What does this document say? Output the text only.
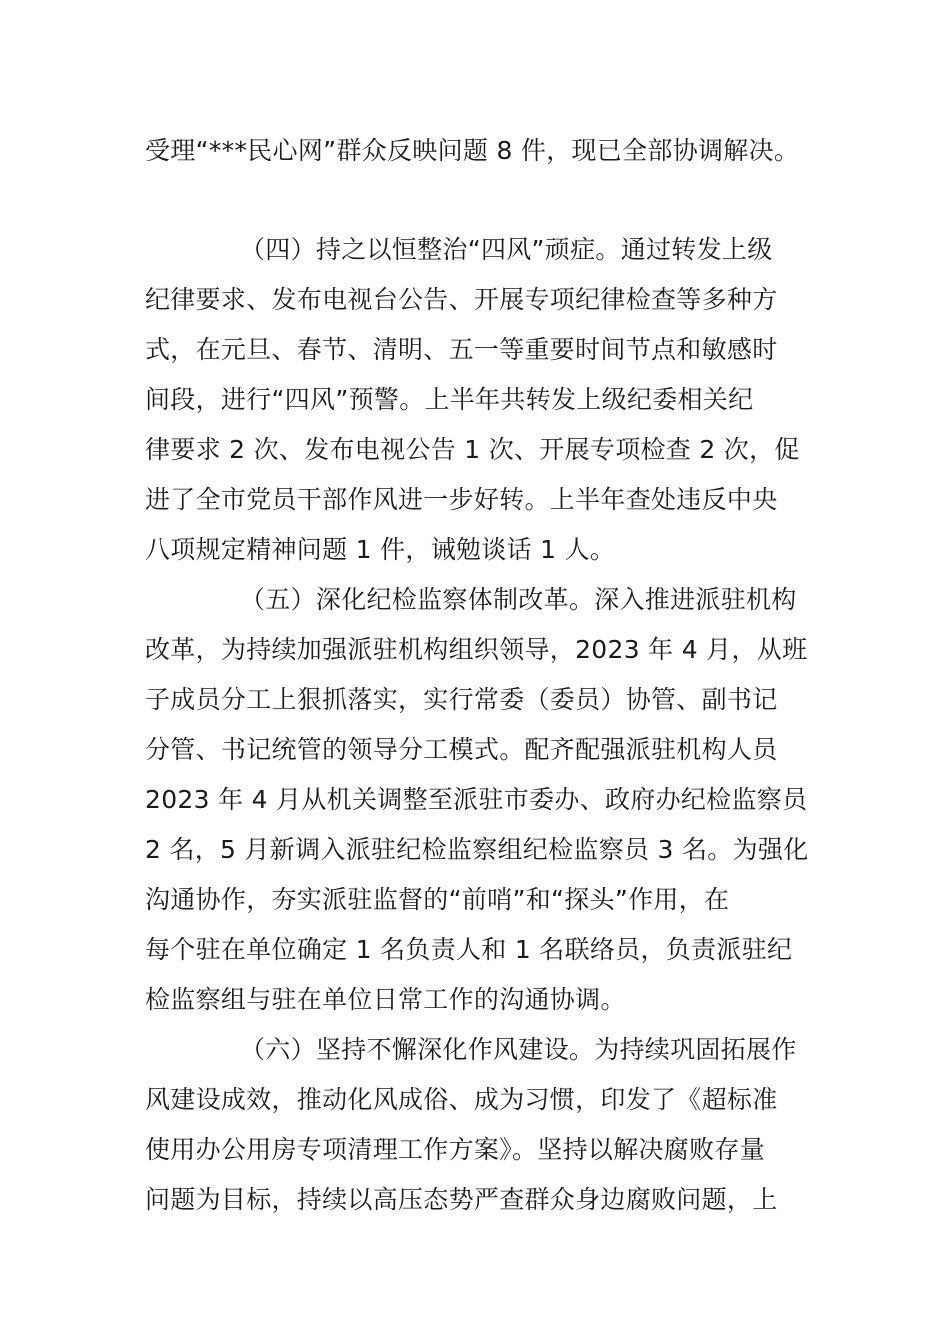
受理“***民心网”群众反映问题 8 件，现已全部协调解决。
（四）持之以恒整治“四风”顽症。通过转发上级
纪律要求、发布电视台公告、开展专项纪律检查等多种方
式，在元旦、春节、清明、五一等重要时间节点和敏感时
间段，进行“四风”预警。上半年共转发上级纪委相关纪
律要求 2 次、发布电视公告 1 次、开展专项检查 2 次，促
进了全市党员干部作风进一步好转。上半年查处违反中央
八项规定精神问题 1 件，诫勉谈话 1 人。
（五）深化纪检监察体制改革。深入推进派驻机构
改革，为持续加强派驻机构组织领导，2023 年 4 月，从班
子成员分工上狠抓落实，实行常委（委员）协管、副书记
分管、书记统管的领导分工模式。配齐配强派驻机构人员
2023 年 4 月从机关调整至派驻市委办、政府办纪检监察员
2 名，5 月新调入派驻纪检监察组纪检监察员 3 名。为强化
沟通协作，夯实派驻监督的“前哨”和“探头”作用，在
每个驻在单位确定 1 名负责人和 1 名联络员，负责派驻纪
检监察组与驻在单位日常工作的沟通协调。
（六）坚持不懈深化作风建设。为持续巩固拓展作
风建设成效，推动化风成俗、成为习惯，印发了《超标准
使用办公用房专项清理工作方案》。坚持以解决腐败存量
问题为目标，持续以高压态势严查群众身边腐败问题，上
